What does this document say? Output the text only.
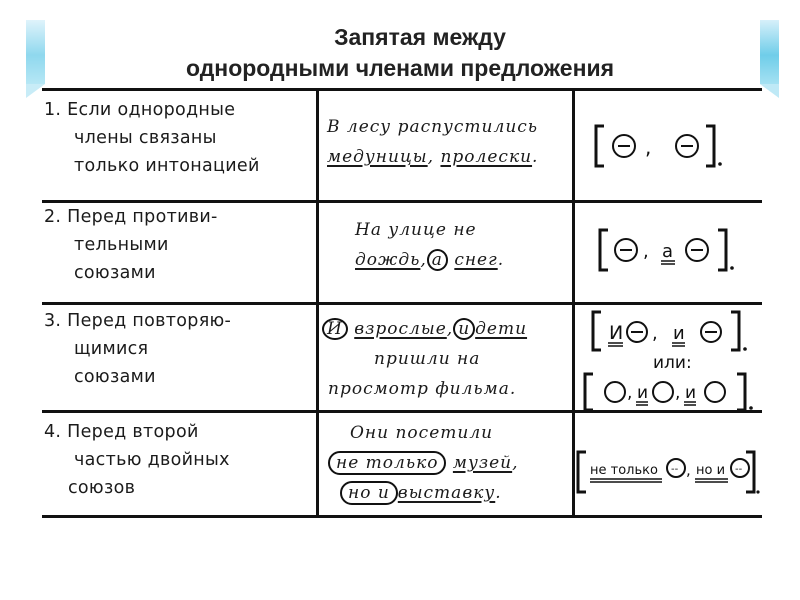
Запятая между
однородными членами предложения
1. Если однородные
члены связаны
только интонацией
В лесу распустились
медуницы, пролески.	,
2. Перед противи-
тельными
союзами
На улице не
дождь, а снег.	, а
3. Перед повторяю-
щимися
союзами
И взрослые, и дети
пришли на
просмотр фильма.
И , и
или:
, и , и
4. Перед второй
частью двойных
союзов
Они посетили
не только музей,
но и выставку.
не только -- , но и --
